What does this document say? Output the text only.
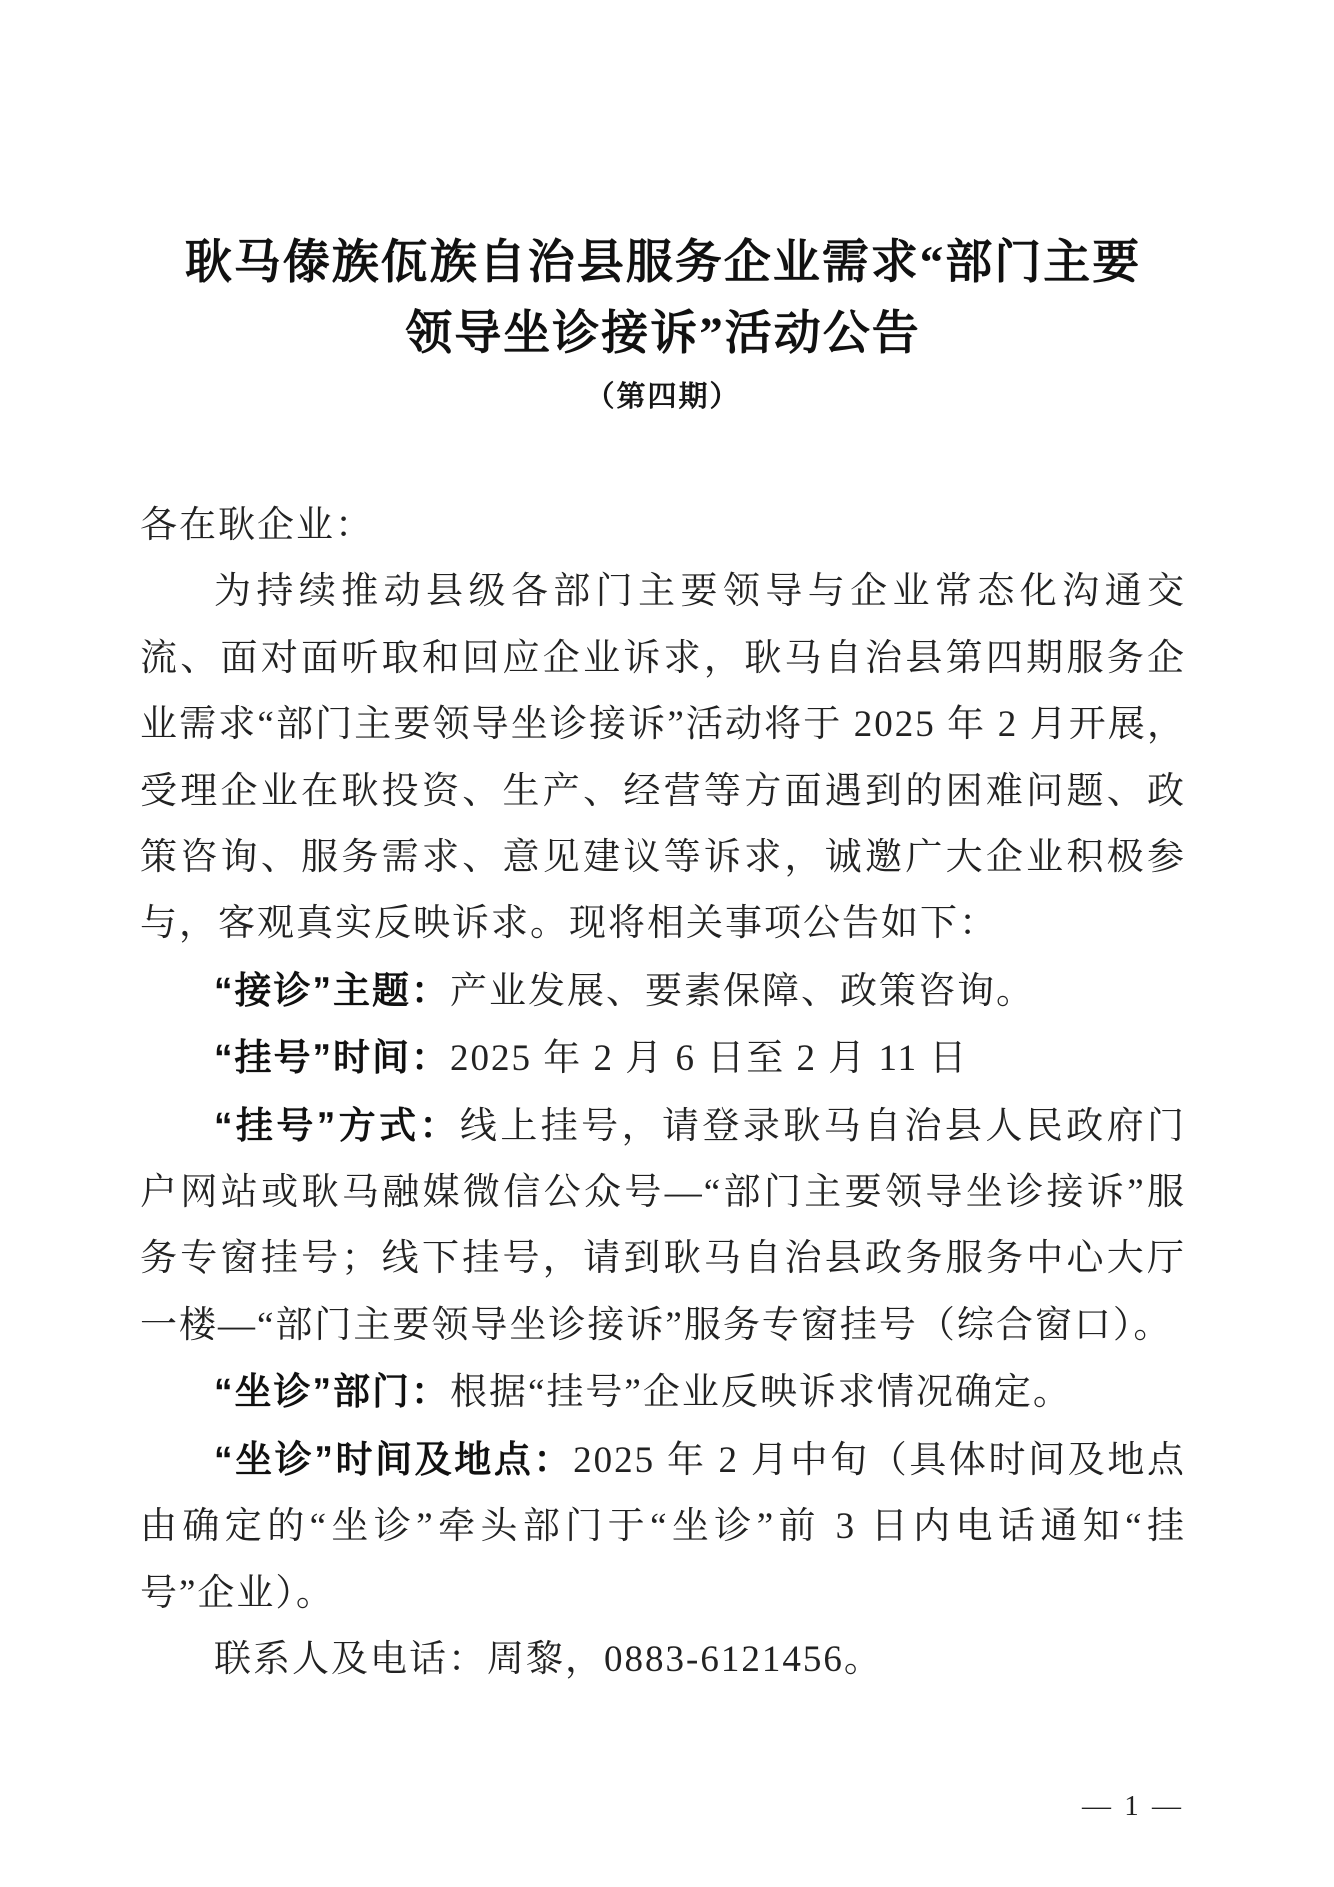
耿马傣族佤族自治县服务企业需求“部门主要
领导坐诊接诉”活动公告
（第四期）

各在耿企业：

为持续推动县级各部门主要领导与企业常态化沟通交流、面对面听取和回应企业诉求，耿马自治县第四期服务企业需求“部门主要领导坐诊接诉”活动将于 2025 年 2 月开展，受理企业在耿投资、生产、经营等方面遇到的困难问题、政策咨询、服务需求、意见建议等诉求，诚邀广大企业积极参与，客观真实反映诉求。现将相关事项公告如下：

“接诊”主题：产业发展、要素保障、政策咨询。

“挂号”时间：2025 年 2 月 6 日至 2 月 11 日

“挂号”方式：线上挂号，请登录耿马自治县人民政府门户网站或耿马融媒微信公众号—“部门主要领导坐诊接诉”服务专窗挂号；线下挂号，请到耿马自治县政务服务中心大厅一楼—“部门主要领导坐诊接诉”服务专窗挂号（综合窗口）。

“坐诊”部门：根据“挂号”企业反映诉求情况确定。

“坐诊”时间及地点：2025 年 2 月中旬（具体时间及地点由确定的“坐诊”牵头部门于“坐诊”前 3 日内电话通知“挂号”企业）。

联系人及电话：周黎，0883-6121456。

— 1 —
